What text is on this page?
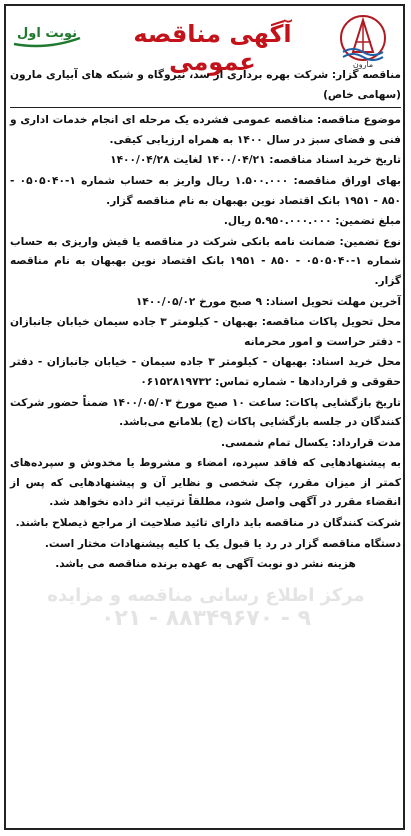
مارون
آگهی مناقصه عمومی
نوبت اول
مرکز اطلاع رسانی مناقصه و مزایده
۰۲۱ - ۸۸۳۴۹۶۷۰ - ۹

مناقصه گزار: شرکت بهره برداری از سد، نیروگاه و شبکه های آبیاری مارون (سهامی خاص)

موضوع مناقصه: مناقصه عمومی فشرده یک مرحله ای انجام خدمات اداری و فنی و فضای سبز در سال ۱۴۰۰ به همراه ارزیابی کیفی.

تاریخ خرید اسناد مناقصه: ۱۴۰۰/۰۴/۲۱ لغایت ۱۴۰۰/۰۴/۲۸

بهای اوراق مناقصه: ۱.۵۰۰.۰۰۰ ریال واریز به حساب شماره ۱-۰۵۰۵۰۴۰ - ۸۵۰ - ۱۹۵۱ بانک اقتصاد نوین بهبهان به نام مناقصه گزار.

مبلغ تضمین: ۵.۹۵۰.۰۰۰.۰۰۰ ریال.

نوع تضمین: ضمانت نامه بانکی شرکت در مناقصه یا فیش واریزی به حساب شماره ۱-۰۵۰۵۰۴۰ - ۸۵۰ - ۱۹۵۱ بانک اقتصاد نوین بهبهان به نام مناقصه گزار.

آخرین مهلت تحویل اسناد: ۹ صبح مورخ ۱۴۰۰/۰۵/۰۲

محل تحویل پاکات مناقصه: بهبهان - کیلومتر ۳ جاده سیمان خیابان جانبازان - دفتر حراست و امور محرمانه

محل خرید اسناد: بهبهان - کیلومتر ۳ جاده سیمان - خیابان جانبازان - دفتر حقوقی و قراردادها - شماره تماس: ۰۶۱۵۲۸۱۹۷۳۲

تاریخ بازگشایی پاکات: ساعت ۱۰ صبح مورخ ۱۴۰۰/۰۵/۰۳ ضمناً حضور شرکت کنندگان در جلسه بازگشایی پاکات (ج) بلامانع می‌باشد.

مدت قرارداد: یکسال تمام شمسی.

به پیشنهادهایی که فاقد سپرده، امضاء و مشروط یا مخدوش و سپرده‌های کمتر از میزان مقرر، چک شخصی و نظایر آن و پیشنهادهایی که پس از انقضاء مقرر در آگهی واصل شود، مطلقاً ترتیب اثر داده نخواهد شد.

شرکت کنندگان در مناقصه باید دارای تائید صلاحیت از مراجع ذیصلاح باشند.

دستگاه مناقصه گزار در رد یا قبول یک یا کلیه پیشنهادات مختار است.

هزینه نشر دو نوبت آگهی به عهده برنده مناقصه می باشد.
